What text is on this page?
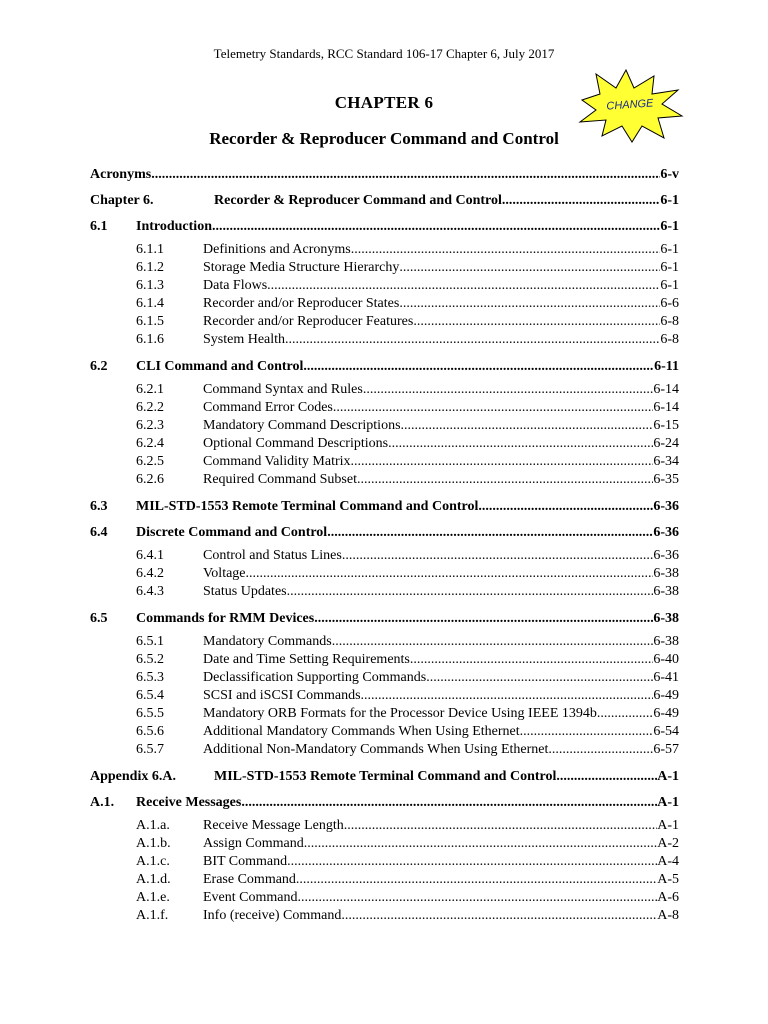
Telemetry Standards, RCC Standard 106-17 Chapter 6, July 2017
CHANGE
CHAPTER 6
Recorder & Reproducer Command and Control
Acronyms .....	6-v
Chapter 6.	Recorder & Reproducer Command and Control .....	6-1
6.1	Introduction .....	6-1
6.1.1	Definitions and Acronyms .....	6-1
6.1.2	Storage Media Structure Hierarchy .....	6-1
6.1.3	Data Flows .....	6-1
6.1.4	Recorder and/or Reproducer States .....	6-6
6.1.5	Recorder and/or Reproducer Features .....	6-8
6.1.6	System Health .....	6-8
6.2	CLI Command and Control .....	6-11
6.2.1	Command Syntax and Rules .....	6-14
6.2.2	Command Error Codes .....	6-14
6.2.3	Mandatory Command Descriptions .....	6-15
6.2.4	Optional Command Descriptions .....	6-24
6.2.5	Command Validity Matrix .....	6-34
6.2.6	Required Command Subset .....	6-35
6.3	MIL-STD-1553 Remote Terminal Command and Control .....	6-36
6.4	Discrete Command and Control .....	6-36
6.4.1	Control and Status Lines .....	6-36
6.4.2	Voltage .....	6-38
6.4.3	Status Updates .....	6-38
6.5	Commands for RMM Devices .....	6-38
6.5.1	Mandatory Commands .....	6-38
6.5.2	Date and Time Setting Requirements .....	6-40
6.5.3	Declassification Supporting Commands .....	6-41
6.5.4	SCSI and iSCSI Commands .....	6-49
6.5.5	Mandatory ORB Formats for the Processor Device Using IEEE 1394b .....	6-49
6.5.6	Additional Mandatory Commands When Using Ethernet .....	6-54
6.5.7	Additional Non-Mandatory Commands When Using Ethernet .....	6-57
Appendix 6.A.	MIL-STD-1553 Remote Terminal Command and Control .....	A-1
A.1.	Receive Messages .....	A-1
A.1.a.	Receive Message Length .....	A-1
A.1.b.	Assign Command .....	A-2
A.1.c.	BIT Command .....	A-4
A.1.d.	Erase Command .....	A-5
A.1.e.	Event Command .....	A-6
A.1.f.	Info (receive) Command .....	A-8
